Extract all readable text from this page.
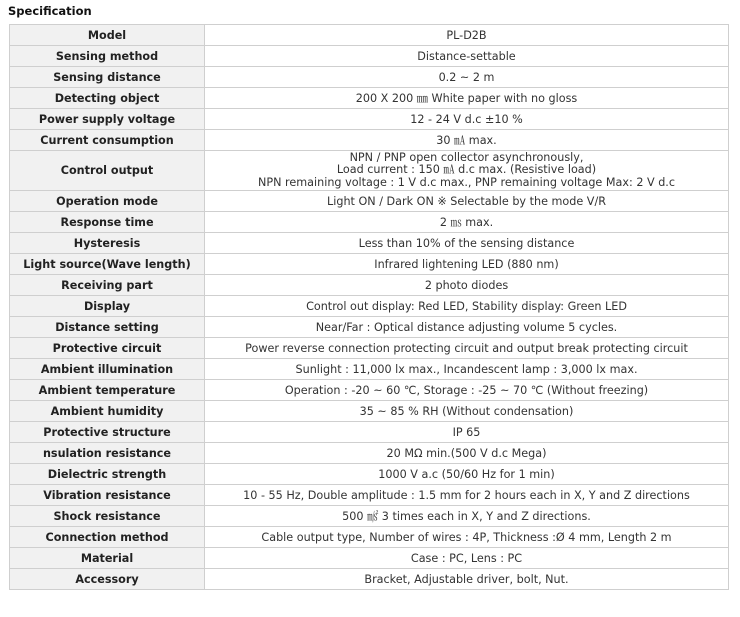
Specification
Model	PL-D2B
Sensing method	Distance-settable
Sensing distance	0.2 ~ 2 m
Detecting object	200 X 200 ㎜ White paper with no gloss
Power supply voltage	12 - 24 V d.c ±10 %
Current consumption	30 ㎃ max.
Control output	NPN / PNP open collector asynchronously,
Load current : 150 ㎃ d.c max. (Resistive load)
NPN remaining voltage : 1 V d.c max., PNP remaining voltage Max: 2 V d.c

Operation mode	Light ON / Dark ON ※ Selectable by the mode V/R
Response time	2 ㎳ max.
Hysteresis	Less than 10% of the sensing distance
Light source(Wave length)	Infrared lightening LED (880 nm)
Receiving part	2 photo diodes
Display	Control out display: Red LED, Stability display: Green LED
Distance setting	Near/Far : Optical distance adjusting volume 5 cycles.
Protective circuit	Power reverse connection protecting circuit and output break protecting circuit
Ambient illumination	Sunlight : 11,000 lx max., Incandescent lamp : 3,000 lx max.
Ambient temperature	Operation : -20 ~ 60 ℃, Storage : -25 ~ 70 ℃ (Without freezing)
Ambient humidity	35 ~ 85 % RH (Without condensation)
Protective structure	IP 65
nsulation resistance	20 MΩ min.(500 V d.c Mega)
Dielectric strength	1000 V a.c (50/60 Hz for 1 min)
Vibration resistance	10 - 55 Hz, Double amplitude : 1.5 mm for 2 hours each in X, Y and Z directions
Shock resistance	500 ㎨ 3 times each in X, Y and Z directions.
Connection method	Cable output type, Number of wires : 4P, Thickness :Ø 4 mm, Length 2 m
Material	Case : PC, Lens : PC
Accessory	Bracket, Adjustable driver, bolt, Nut.
